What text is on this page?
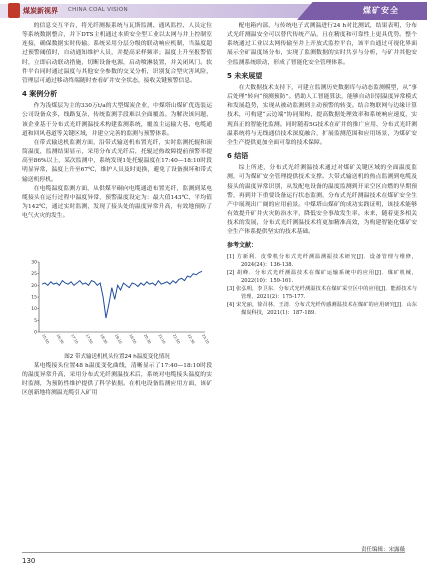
煤炭新视界 CHINA COAL VISION	煤矿安全

的信息交互平台，将光纤测振系统与瓦斯监测、通风监控、人员定位等系统数据整合，并下DTS主机通过本质安全型工业以太网与井上控制室连接，确保数据实时传输。系统采用分层分级的联动响应机制，当温度超过预警阈值时，自动通知维护人员，并提高采样频率；温度上升至报警值时，立即启动联动措施，切断设备电源，启动喷淋装置，并关闭风门。软件平台同时通过温度与其他安全参数的交叉分析，识别复合型灾害风险，管理层可通过移动终端随时查看矿井安全状态，接收关键预警信息。

4 案例分析

作为浅煤层为主的330万t/a的大型煤炭企业，中煤塔山煤矿优选装运公司设备众多，线路复杂，传统监测手段难以全面覆盖。为解决该问题，该企业基于分布式光纤测温技术构建监测系统，覆盖主运输大巷、电缆通道和回风巷道等关键区域，并建立完善的监测与预警体系。

在带式输送机监测方面，沿带式输送机布置光纤，实时监测托辊和滚筒温度，监测结果显示，采用分布式光纤后，托辊过热故障提前预警率提高至86%以上，某次监测中，系统发现1处托辊温度在17:40—18:10时段明显异常，温度上升至67℃，维护人员及时更换，避免了设备损坏和带式输送机停机。

在电缆温度监测方面，从供煤平硐向电缆通道布置光纤，监测到某电缆接头在运行过程中温度异常，预警温度设定为：最大值143℃、平均值为142℃，通过实时监测，发现了接头处的温度异常升高，有效地预防了电气火灾的发生。

30
25
20
15
10
5
0
15:50 16:30 17:10 17:50 18:30 19:10 19:50 20:30 21:10 21:50 22:30 23:10
图2 带式输送机机头位置24 h温度变化情况

某电缆接头位置48 h温度变化曲线，清晰显示了17:40—18:10时段的温度异常升高，采用分布式光纤测温技术后，系统对电缆接头温度的实时监测，为预防性维护提供了科学依据。在机电设备监测应用方面，该矿区创新地将测温光缆引入矿用

配电箱内部，与传统电子式测温进行24 h对比测试，结果表明，分布式光纤测温安全可以替代传统产品，且在精度和可靠性上更具优势。整个系统通过工业以太网传输至井上开放式监控平台，该平台通过可视化界面展示全矿温度场分布，实现了监测数据的实时共享与分析，与矿井其他安全监测系统联动，形成了智能化安全管理体系。

5 未来展望

在大数据技术支持下，可建立监测历史数据库与动态监测模型，从“事后处理”转向“预测预防”。借助人工智能算法，能够自动识别温度异常模式和发展趋势，实现从被动监测到主动预警的转变。结合物联网与边缘计算技术，可构建“云边端”协同架构，提高数据处理效率和系统响应速度，实现真正的智能化监测。同时随着5G技术在矿井的推广应用，分布式光纤测温系统将与无线通信技术深度融合，扩展监测范围和应用场景，为煤矿安全生产提供更加全面可靠的技术保障。

6 结语

综上所述，分布式光纤测温技术通过对煤矿关键区域的全面温度监测，可为煤矿安全管理提供技术支撑。大带式输送机的热点监测到电缆及接头的温度异常识别，从发配电设备的温度监测到开采空区自燃的早期预警，再到井下重要设备运行状态监测，分布式光纤测温技术在煤矿安全生产中展现出广阔的应用前景。中煤塔山煤矿的成功实践证明，该技术能够有效提升矿井火灾防治水平，降低安全事故发生率。未来，随着更多相关技术的发展，分布式光纤测温技术将更加精准高效，为构建智能化煤矿安全生产体系提供坚实的技术基础。

参考文献：

[1] 方新利．皮带机分布式光纤测温测振技术研究[J]．设备管理与维修，2024(24)：136-138.

[2] 胡峰．分布式光纤测温技术在煤矿运输系统中的应用[J]．煤矿机械，2022(10)：159-161.

[3] 张弘明，李卫东．分布式光纤测温技术在煤矿采空区中的应用[J]．能源技术与管理，2021(2)：175-177.

[4] 宋光丽，徐召林，王清．分布式光纤传感测温技术在煤矿的应用研究[J]．山东煤炭科技，2021(1)：187-189.

责任编辑：宋露薇
130
